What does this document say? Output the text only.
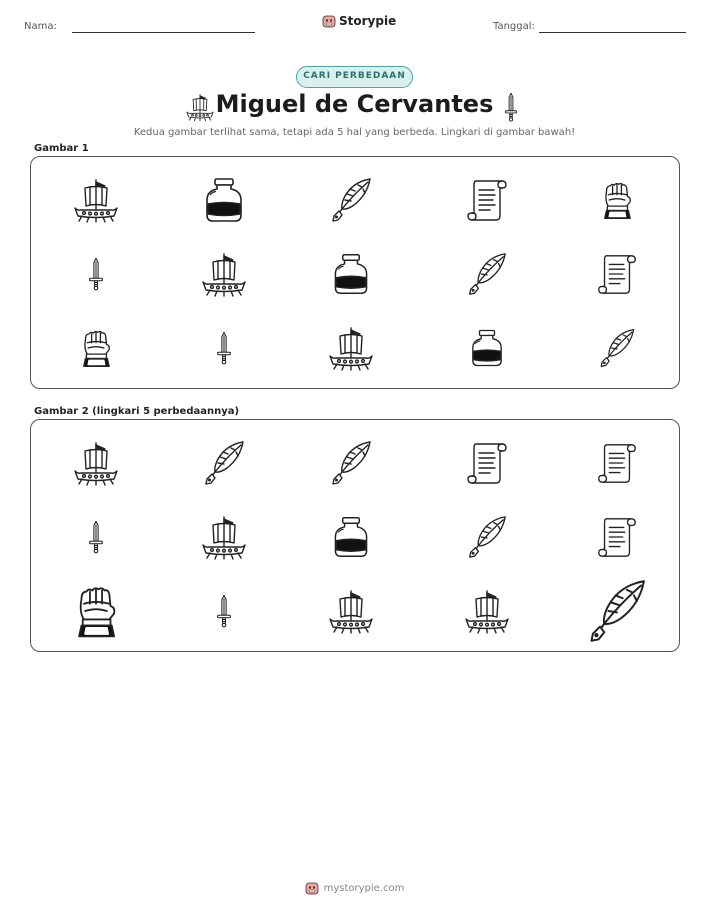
Nama:	Storypie	Tanggal:
CARI PERBEDAAN
Miguel de Cervantes
Kedua gambar terlihat sama, tetapi ada 5 hal yang berbeda. Lingkari di gambar bawah!
Gambar 1
Gambar 2 (lingkari 5 perbedaannya)
mystorypie.com
